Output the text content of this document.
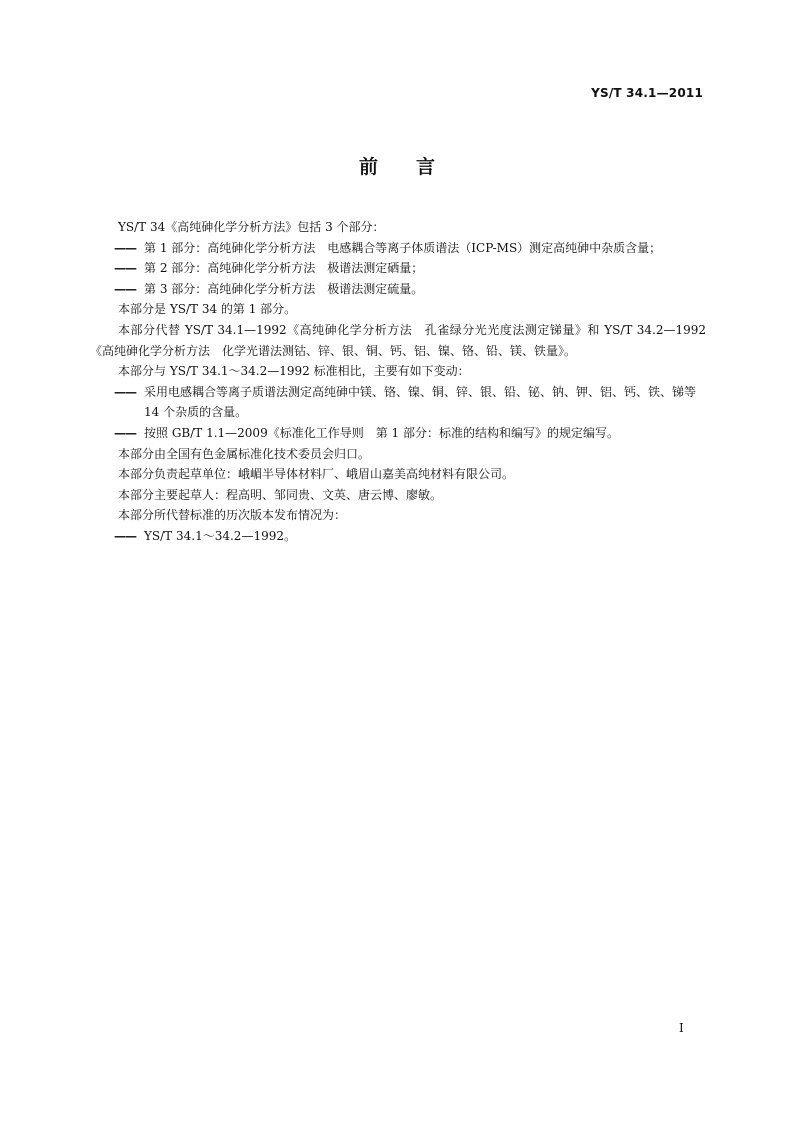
YS/T 34.1—2011
前言

YS/T 34《高纯砷化学分析方法》包括 3 个部分：

—— 第 1 部分：高纯砷化学分析方法　电感耦合等离子体质谱法（ICP-MS）测定高纯砷中杂质含量；

—— 第 2 部分：高纯砷化学分析方法　极谱法测定硒量；

—— 第 3 部分：高纯砷化学分析方法　极谱法测定硫量。

本部分是 YS/T 34 的第 1 部分。

本部分代替 YS/T 34.1—1992《高纯砷化学分析方法　孔雀绿分光光度法测定锑量》和 YS/T 34.2—1992《高纯砷化学分析方法　化学光谱法测钴、锌、银、铜、钙、铝、镍、铬、铅、镁、铁量》。

本部分与 YS/T 34.1～34.2—1992 标准相比，主要有如下变动：

—— 采用电感耦合等离子质谱法测定高纯砷中镁、铬、镍、铜、锌、银、铅、铋、钠、钾、铝、钙、铁、锑等 14 个杂质的含量。

—— 按照 GB/T 1.1—2009《标准化工作导则　第 1 部分：标准的结构和编写》的规定编写。

本部分由全国有色金属标准化技术委员会归口。

本部分负责起草单位：峨嵋半导体材料厂、峨眉山嘉美高纯材料有限公司。

本部分主要起草人：程高明、邹同贵、文英、唐云博、廖敏。

本部分所代替标准的历次版本发布情况为：

—— YS/T 34.1～34.2—1992。

I
